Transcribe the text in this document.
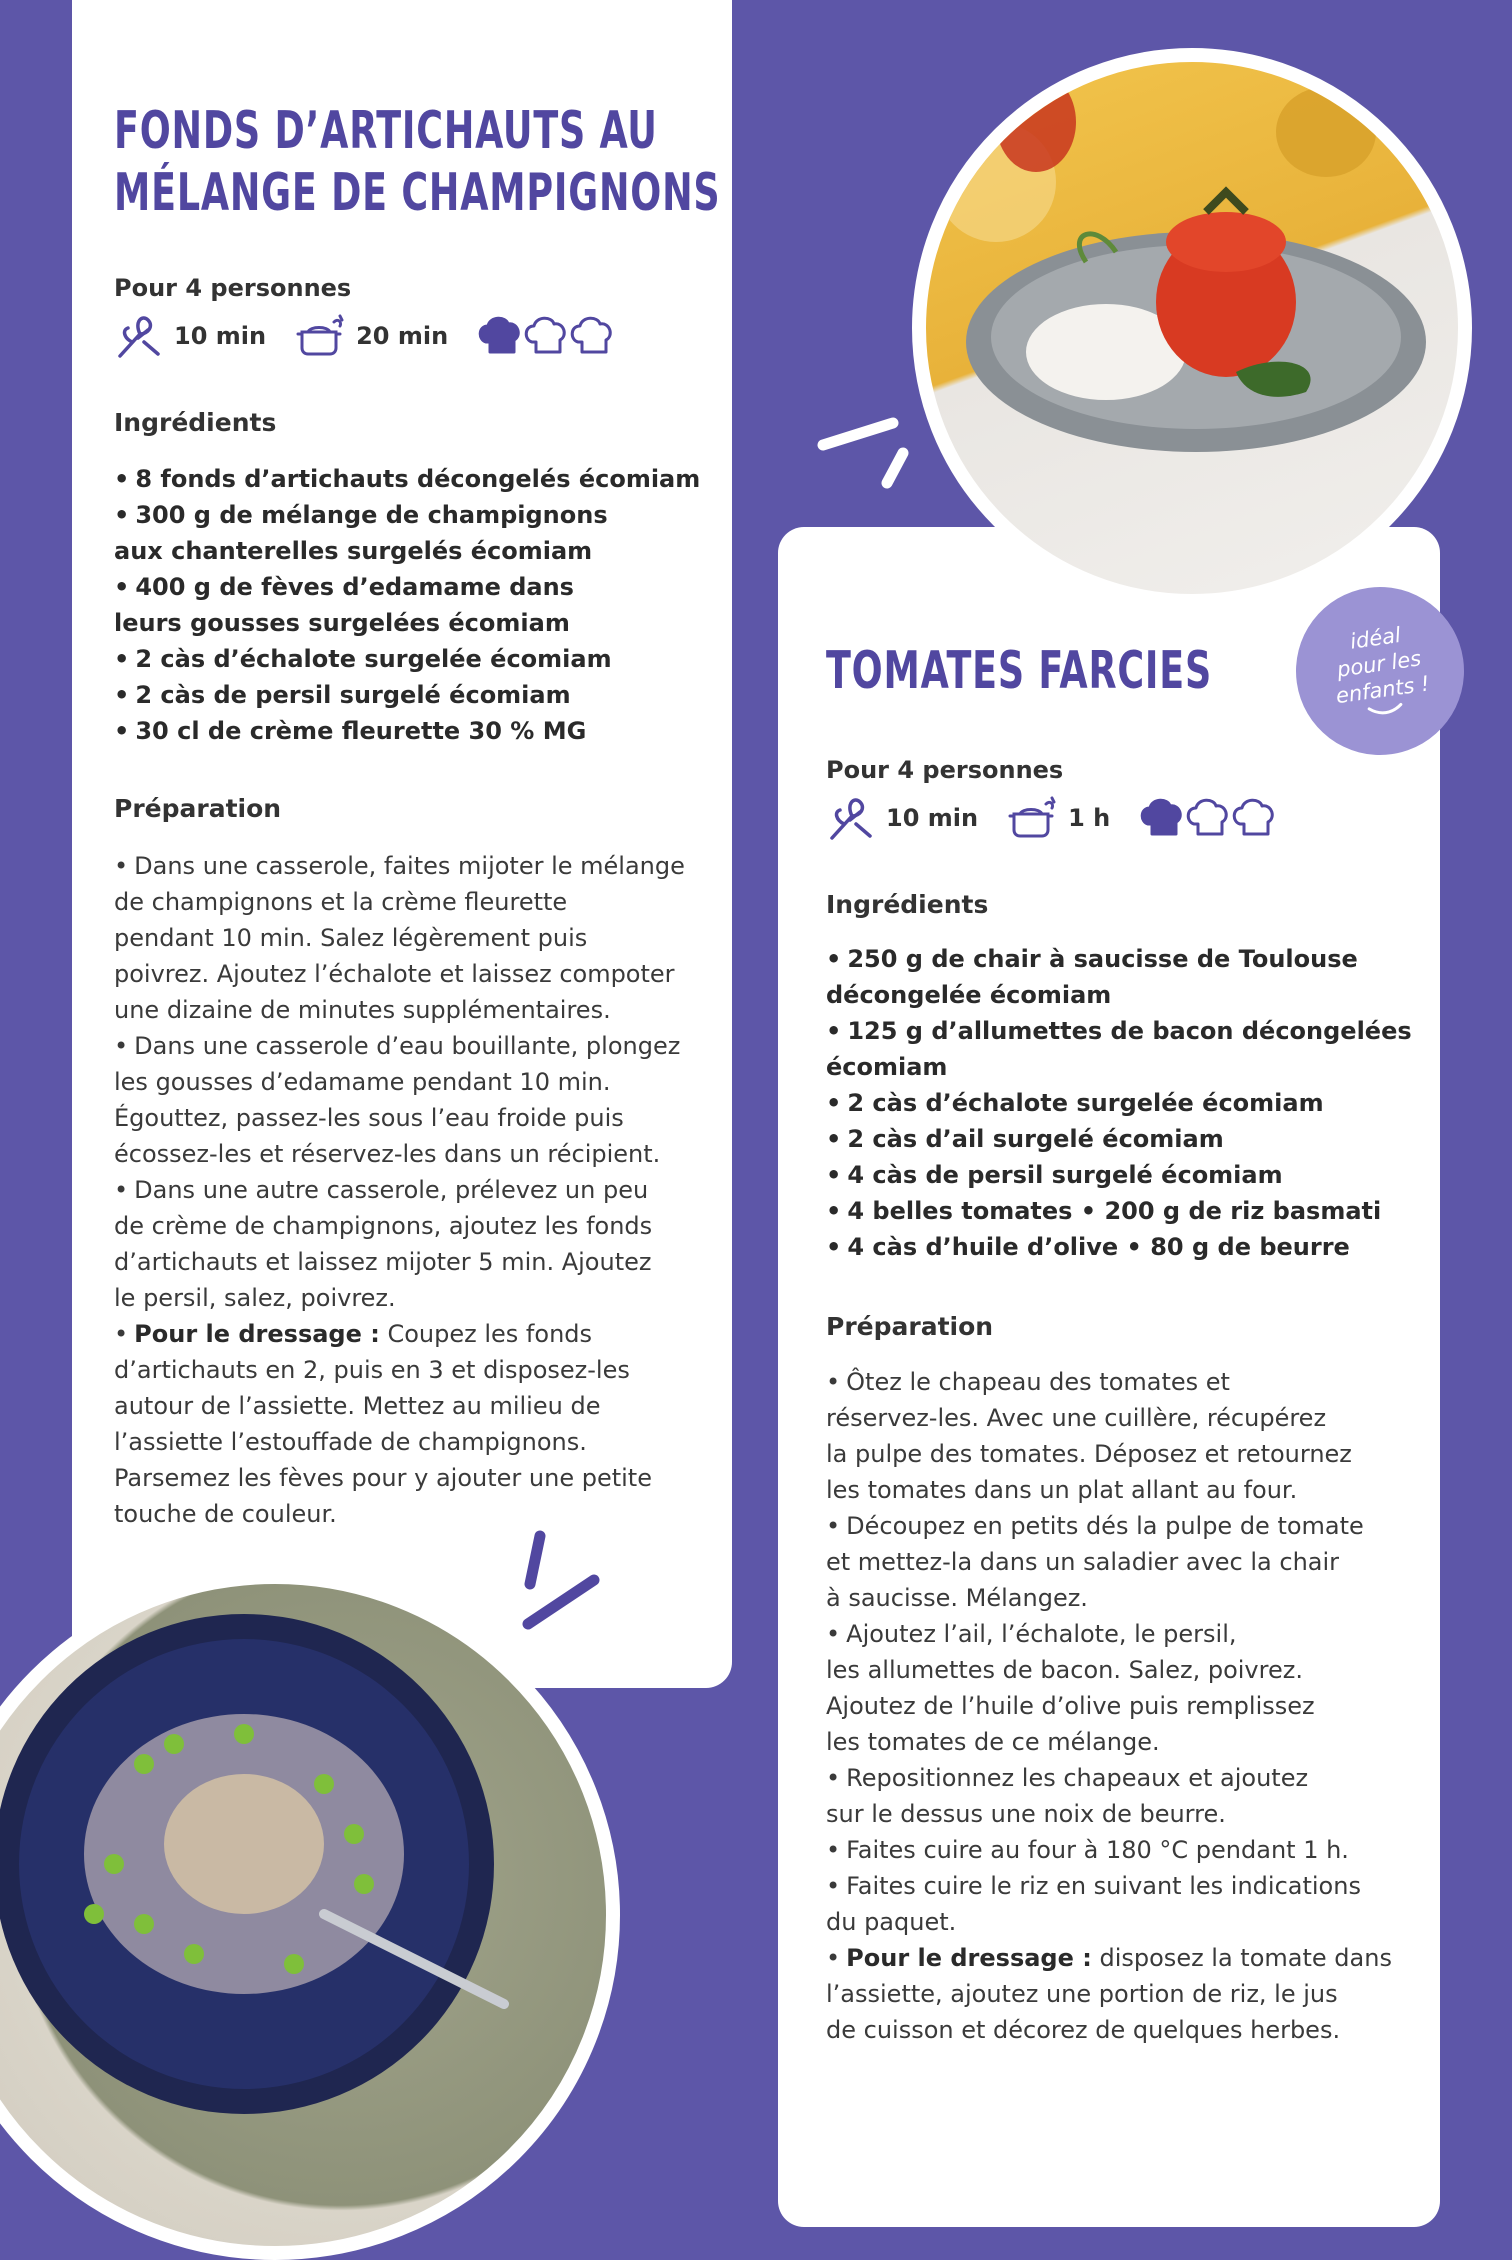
FONDS D’ARTICHAUTS AU
MÉLANGE DE CHAMPIGNONS
Pour 4 personnes
10 min	20 min
Ingrédients
• 8 fonds d’artichauts décongelés écomiam
• 300 g de mélange de champignons
aux chanterelles surgelés écomiam
• 400 g de fèves d’edamame dans
leurs gousses surgelées écomiam
• 2 càs d’échalote surgelée écomiam
• 2 càs de persil surgelé écomiam
• 30 cl de crème fleurette 30 % MG
Préparation
• Dans une casserole, faites mijoter le mélange
de champignons et la crème fleurette
pendant 10 min. Salez légèrement puis
poivrez. Ajoutez l’échalote et laissez compoter
une dizaine de minutes supplémentaires.
• Dans une casserole d’eau bouillante, plongez
les gousses d’edamame pendant 10 min.
Égouttez, passez-les sous l’eau froide puis
écossez-les et réservez-les dans un récipient.
• Dans une autre casserole, prélevez un peu
de crème de champignons, ajoutez les fonds
d’artichauts et laissez mijoter 5 min. Ajoutez
le persil, salez, poivrez.
• Pour le dressage : Coupez les fonds
d’artichauts en 2, puis en 3 et disposez-les
autour de l’assiette. Mettez au milieu de
l’assiette l’estouffade de champignons.
Parsemez les fèves pour y ajouter une petite
touche de couleur.
TOMATES FARCIES
Pour 4 personnes
10 min	1 h
Ingrédients
• 250 g de chair à saucisse de Toulouse
décongelée écomiam
• 125 g d’allumettes de bacon décongelées
écomiam
• 2 càs d’échalote surgelée écomiam
• 2 càs d’ail surgelé écomiam
• 4 càs de persil surgelé écomiam
• 4 belles tomates • 200 g de riz basmati
• 4 càs d’huile d’olive • 80 g de beurre
Préparation
• Ôtez le chapeau des tomates et
réservez-les. Avec une cuillère, récupérez
la pulpe des tomates. Déposez et retournez
les tomates dans un plat allant au four.
• Découpez en petits dés la pulpe de tomate
et mettez-la dans un saladier avec la chair
à saucisse. Mélangez.
• Ajoutez l’ail, l’échalote, le persil,
les allumettes de bacon. Salez, poivrez.
Ajoutez de l’huile d’olive puis remplissez
les tomates de ce mélange.
• Repositionnez les chapeaux et ajoutez
sur le dessus une noix de beurre.
• Faites cuire au four à 180 °C pendant 1 h.
• Faites cuire le riz en suivant les indications
du paquet.
• Pour le dressage : disposez la tomate dans
l’assiette, ajoutez une portion de riz, le jus
de cuisson et décorez de quelques herbes.
idéal
pour les
enfants !
